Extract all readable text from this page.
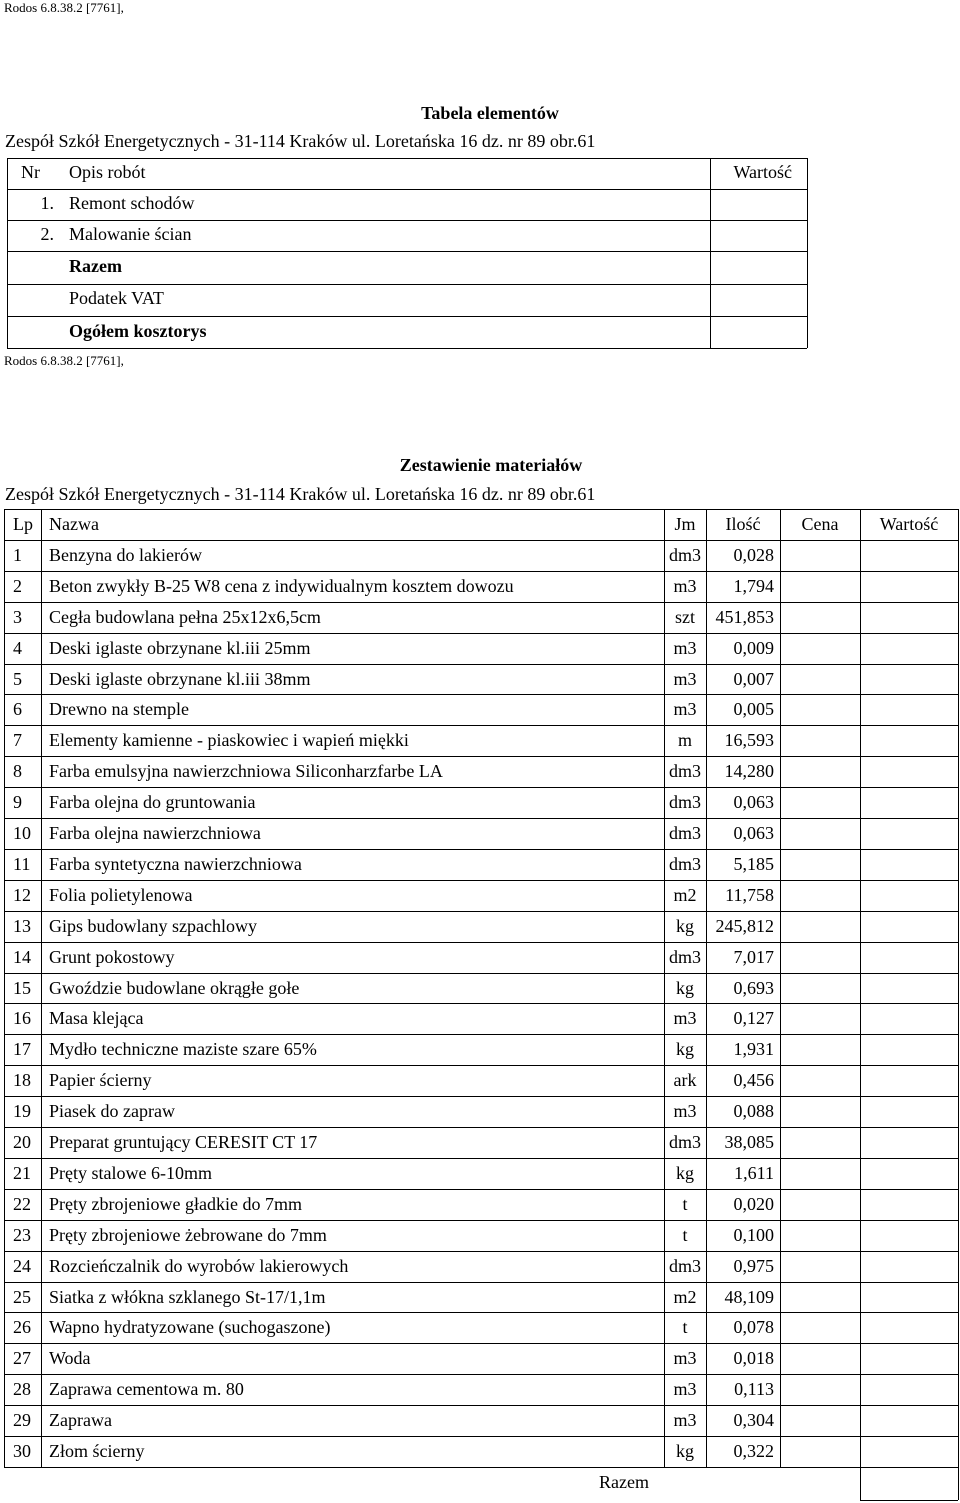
Rodos 6.8.38.2 [7761],
Tabela elementów
Zespół Szkół Energetycznych - 31-114 Kraków ul. Loretańska 16 dz. nr 89 obr.61
Nr Opis robót	Wartość
1. Remont schodów
2. Malowanie ścian
Razem
Podatek VAT
Ogółem kosztorys
Rodos 6.8.38.2 [7761],
Zestawienie materiałów
Zespół Szkół Energetycznych - 31-114 Kraków ul. Loretańska 16 dz. nr 89 obr.61
Lp Nazwa	Jm	Ilość	Cena	Wartość
1 Benzyna do lakierów	dm3	0,028
2 Beton zwykły B-25 W8 cena z indywidualnym kosztem dowozu	m3	1,794
3 Cegła budowlana pełna 25x12x6,5cm	szt	451,853
4 Deski iglaste obrzynane kl.iii 25mm	m3	0,009
5 Deski iglaste obrzynane kl.iii 38mm	m3	0,007
6 Drewno na stemple	m3	0,005
7 Elementy kamienne - piaskowiec i wapień miękki	m	16,593
8 Farba emulsyjna nawierzchniowa Siliconharzfarbe LA	dm3	14,280
9 Farba olejna do gruntowania	dm3	0,063
10 Farba olejna nawierzchniowa	dm3	0,063
11 Farba syntetyczna nawierzchniowa	dm3	5,185
12 Folia polietylenowa	m2	11,758
13 Gips budowlany szpachlowy	kg	245,812
14 Grunt pokostowy	dm3	7,017
15 Gwoździe budowlane okrągłe gołe	kg	0,693
16 Masa klejąca	m3	0,127
17 Mydło techniczne maziste szare 65%	kg	1,931
18 Papier ścierny	ark	0,456
19 Piasek do zapraw	m3	0,088
20 Preparat gruntujący CERESIT CT 17	dm3	38,085
21 Pręty stalowe 6-10mm	kg	1,611
22 Pręty zbrojeniowe gładkie do 7mm	t	0,020
23 Pręty zbrojeniowe żebrowane do 7mm	t	0,100
24 Rozcieńczalnik do wyrobów lakierowych	dm3	0,975
25 Siatka z włókna szklanego St-17/1,1m	m2	48,109
26 Wapno hydratyzowane (suchogaszone)	t	0,078
27 Woda	m3	0,018
28 Zaprawa cementowa m. 80	m3	0,113
29 Zaprawa	m3	0,304
30 Złom ścierny	kg	0,322
Razem
